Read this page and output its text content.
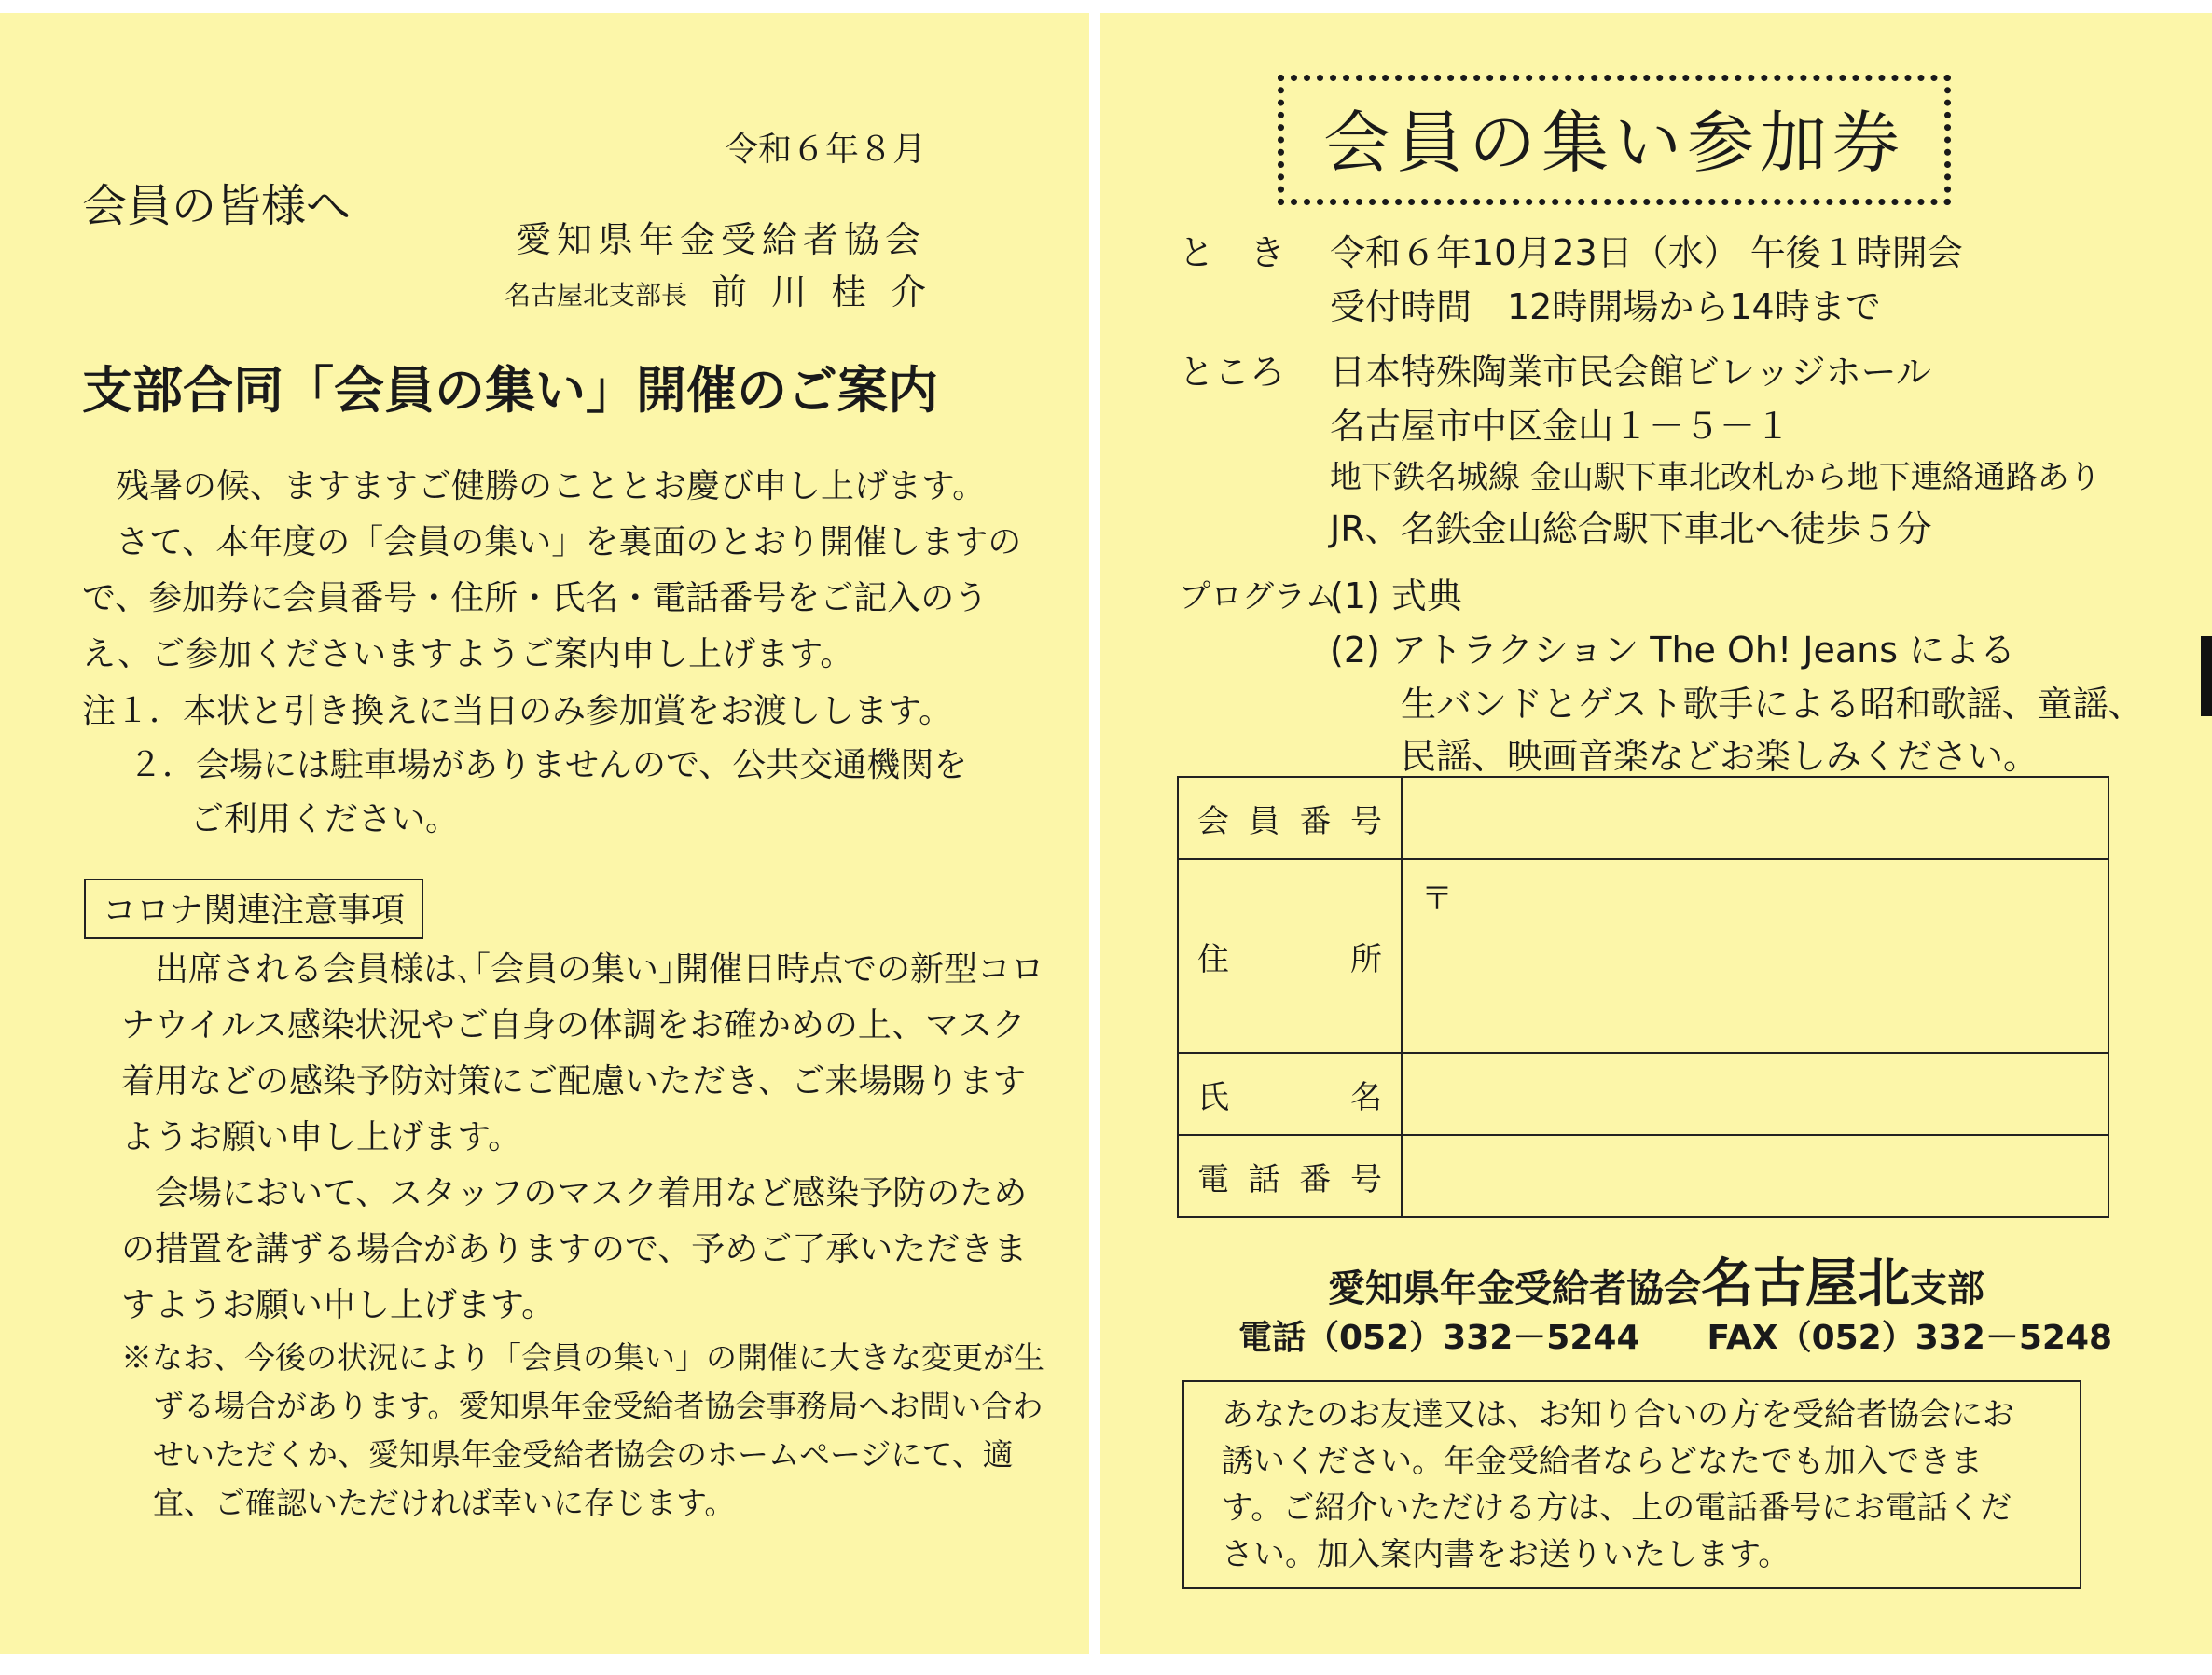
令和６年８月
会員の皆様へ
愛知県年金受給者協会
名古屋北支部長 前川桂介
支部合同「会員の集い」開催のご案内

残暑の候、ますますご健勝のこととお慶び申し上げます。

さて、本年度の「会員の集い」を裏面のとおり開催しますので、参加券に会員番号・住所・氏名・電話番号をご記入のうえ、ご参加くださいますようご案内申し上げます。

注１．本状と引き換えに当日のみ参加賞をお渡しします。
２．会場には駐車場がありませんので、公共交通機関を
ご利用ください。
コロナ関連注意事項

出席される会員様は､｢会員の集い｣開催日時点での新型コロナウイルス感染状況やご自身の体調をお確かめの上、マスク着用などの感染予防対策にご配慮いただき、ご来場賜りますようお願い申し上げます。

会場において、スタッフのマスク着用など感染予防のための措置を講ずる場合がありますので、予めご了承いただきますようお願い申し上げます。

※なお、今後の状況により「会員の集い」の開催に大きな変更が生ずる場合があります。愛知県年金受給者協会事務局へお問い合わせいただくか、愛知県年金受給者協会のホームページにて、適宜、ご確認いただければ幸いに存じます。

会員の集い参加券
と　き 令和６年10月23日（水） 午後１時開会
受付時間　12時開場から14時まで
ところ 日本特殊陶業市民会館ビレッジホール
名古屋市中区金山１－５－１
地下鉄名城線 金山駅下車北改札から地下連絡通路あり
JR、名鉄金山総合駅下車北へ徒歩５分
プログラム
(1) 式典
(2) アトラクション The Oh! Jeans による
生バンドとゲスト歌手による昭和歌謡、童謡、
民謡、映画音楽などお楽しみください。
会員番号	
住所	〒
氏名	
電話番号	
愛知県年金受給者協会名古屋北支部
電話（052）332－5244 FAX（052）332－5248
あなたのお友達又は、お知り合いの方を受給者協会にお誘いください。年金受給者ならどなたでも加入できます。ご紹介いただける方は、上の電話番号にお電話ください。加入案内書をお送りいたします。
